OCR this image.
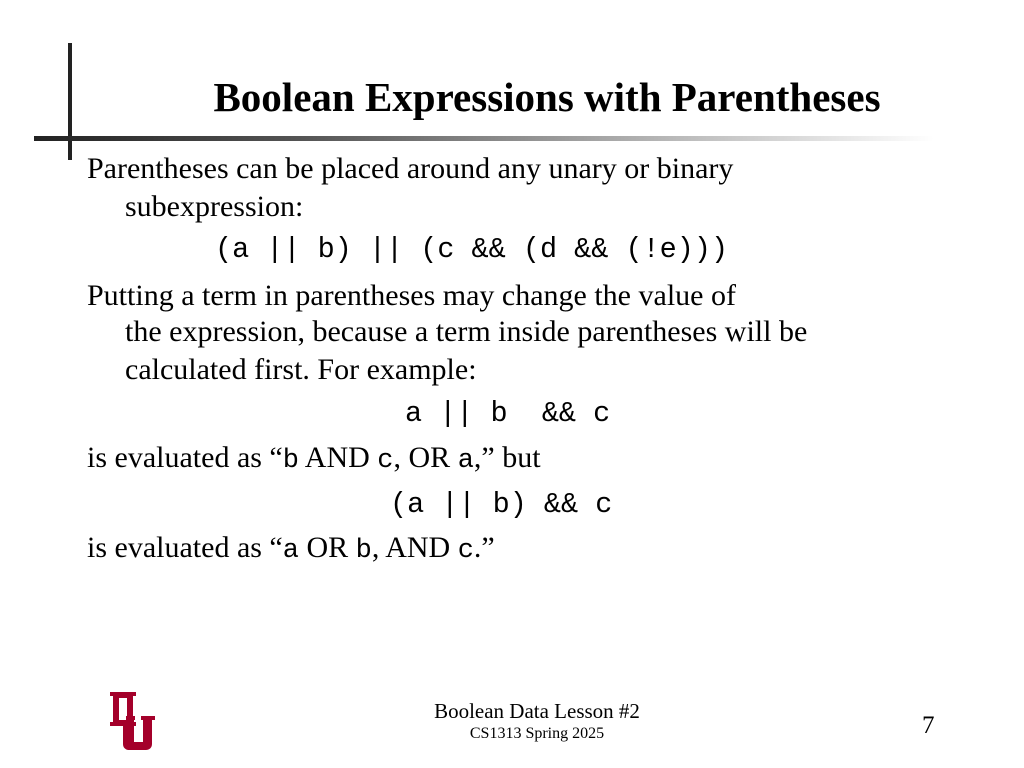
Boolean Expressions with Parentheses
Parentheses can be placed around any unary or binary
subexpression:
(a || b) || (c && (d && (!e)))
Putting a term in parentheses may change the value of
the expression, because a term inside parentheses will be
calculated first. For example:
a || b  && c
is evaluated as “b AND c, OR a,” but
(a || b) && c
is evaluated as “a OR b, AND c.”
Boolean Data Lesson #2
CS1313 Spring 2025	7
